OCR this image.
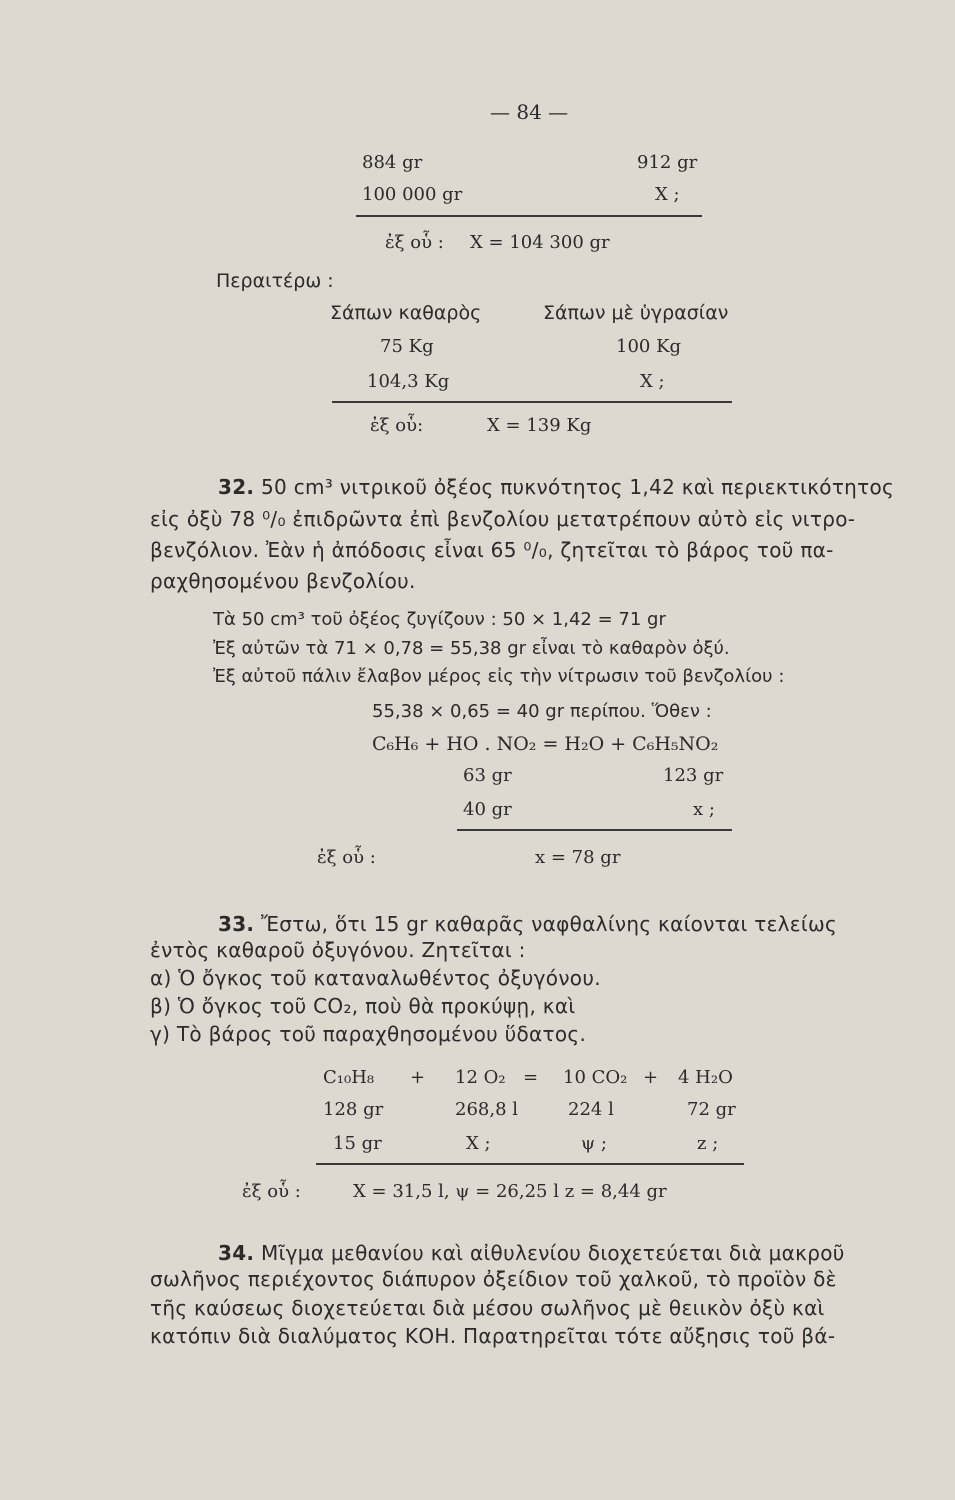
— 84 —
884 gr	912 gr
100 000 gr	X ;
ἐξ οὗ : X = 104 300 gr
Περαιτέρω :
Σάπων καθαρὸς	Σάπων μὲ ὑγρασίαν
75 Kg	100 Kg
104,3 Kg	X ;
ἐξ οὗ:	X = 139 Kg
32. 50 cm³ νιτρικοῦ ὀξέος πυκνότητος 1,42 καὶ περιεκτικότητος
εἰς ὀξὺ 78 ⁰/₀ ἐπιδρῶντα ἐπὶ βενζολίου μετατρέπουν αὐτὸ εἰς νιτρο-
βενζόλιον. Ἐὰν ἡ ἀπόδοσις εἶναι 65 ⁰/₀, ζητεῖται τὸ βάρος τοῦ πα-
ραχθησομένου βενζολίου.
Τὰ 50 cm³ τοῦ ὀξέος ζυγίζουν : 50 × 1,42 = 71 gr
Ἐξ αὐτῶν τὰ 71 × 0,78 = 55,38 gr εἶναι τὸ καθαρὸν ὀξύ.
Ἐξ αὐτοῦ πάλιν ἔλαβον μέρος εἰς τὴν νίτρωσιν τοῦ βενζολίου :
55,38 × 0,65 = 40 gr περίπου. Ὅθεν :
C₆H₆ + HO . NO₂ = H₂O + C₆H₅NO₂
63 gr	123 gr
40 gr	x ;
ἐξ οὗ :	x = 78 gr
33. Ἔστω, ὅτι 15 gr καθαρᾶς ναφθαλίνης καίονται τελείως
ἐντὸς καθαροῦ ὀξυγόνου. Ζητεῖται :
α) Ὁ ὄγκος τοῦ καταναλωθέντος ὀξυγόνου.
β) Ὁ ὄγκος τοῦ CO₂, ποὺ θὰ προκύψῃ, καὶ
γ) Τὸ βάρος τοῦ παραχθησομένου ὕδατος.
C₁₀H₈ + 12 O₂ = 10 CO₂ + 4 H₂O
128 gr	268,8 l	224 l	72 gr
15 gr	X ;	ψ ;	z ;
ἐξ οὗ :	X = 31,5 l, ψ = 26,25 l z = 8,44 gr
34. Μῖγμα μεθανίου καὶ αἰθυλενίου διοχετεύεται διὰ μακροῦ
σωλῆνος περιέχοντος διάπυρον ὀξείδιον τοῦ χαλκοῦ, τὸ προϊὸν δὲ
τῆς καύσεως διοχετεύεται διὰ μέσου σωλῆνος μὲ θειικὸν ὀξὺ καὶ
κατόπιν διὰ διαλύματος ΚΟΗ. Παρατηρεῖται τότε αὔξησις τοῦ βά-
